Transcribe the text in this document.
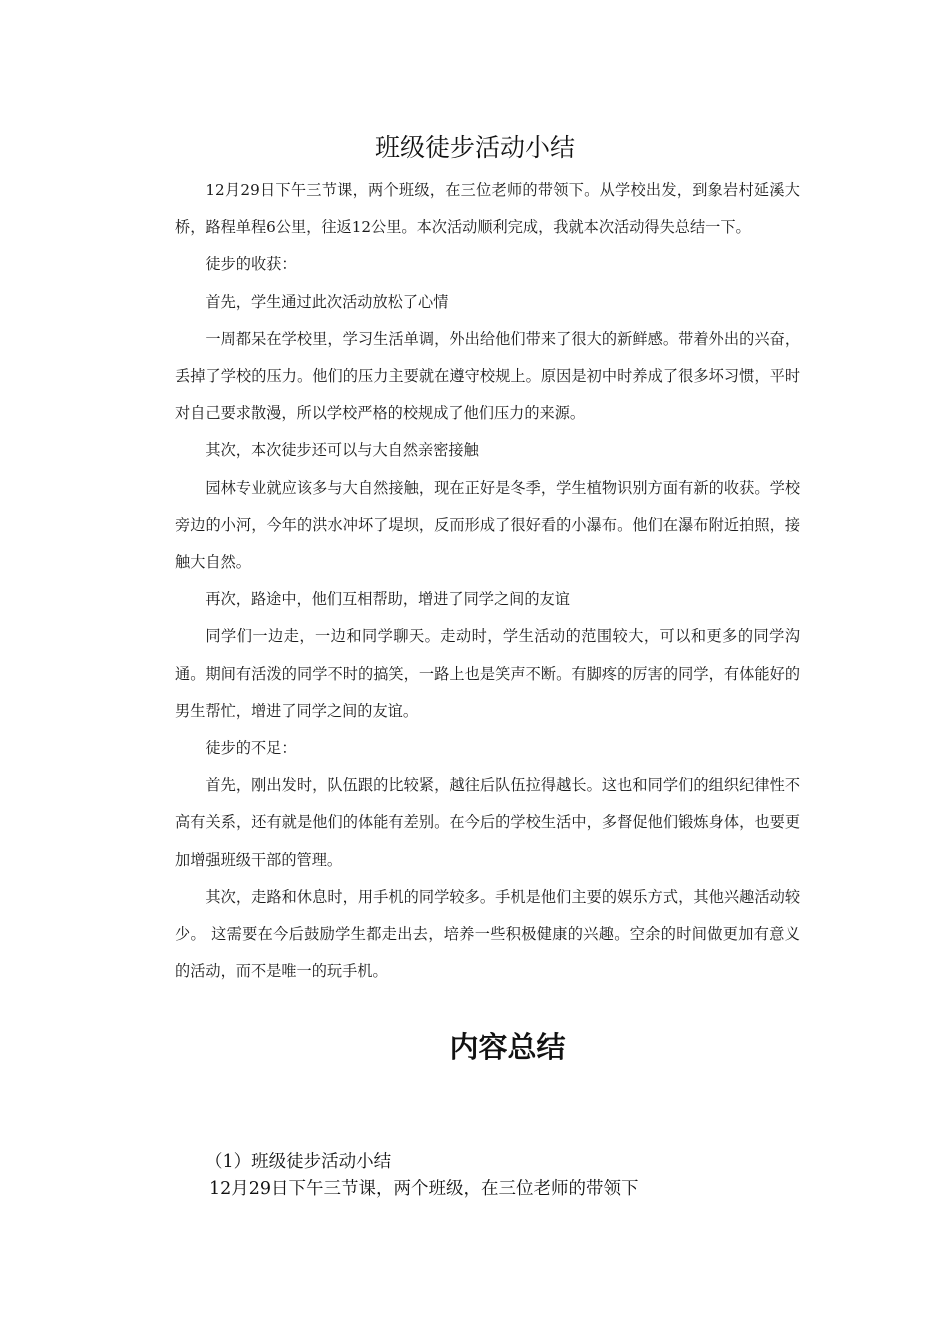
班级徒步活动小结

12月29日下午三节课，两个班级，在三位老师的带领下。从学校出发，到象岩村延溪大桥，路程单程6公里，往返12公里。本次活动顺利完成，我就本次活动得失总结一下。

徒步的收获：

首先，学生通过此次活动放松了心情

一周都呆在学校里，学习生活单调，外出给他们带来了很大的新鲜感。带着外出的兴奋，丢掉了学校的压力。他们的压力主要就在遵守校规上。原因是初中时养成了很多坏习惯，平时对自己要求散漫，所以学校严格的校规成了他们压力的来源。

其次，本次徒步还可以与大自然亲密接触

园林专业就应该多与大自然接触，现在正好是冬季，学生植物识别方面有新的收获。学校旁边的小河，今年的洪水冲坏了堤坝，反而形成了很好看的小瀑布。他们在瀑布附近拍照，接触大自然。

再次，路途中，他们互相帮助，增进了同学之间的友谊

同学们一边走，一边和同学聊天。走动时，学生活动的范围较大，可以和更多的同学沟通。期间有活泼的同学不时的搞笑，一路上也是笑声不断。有脚疼的厉害的同学，有体能好的男生帮忙，增进了同学之间的友谊。

徒步的不足：

首先，刚出发时，队伍跟的比较紧，越往后队伍拉得越长。这也和同学们的组织纪律性不高有关系，还有就是他们的体能有差别。在今后的学校生活中，多督促他们锻炼身体，也要更加增强班级干部的管理。

其次，走路和休息时，用手机的同学较多。手机是他们主要的娱乐方式，其他兴趣活动较少。 这需要在今后鼓励学生都走出去，培养一些积极健康的兴趣。空余的时间做更加有意义的活动，而不是唯一的玩手机。

内容总结
（1）班级徒步活动小结
12月29日下午三节课，两个班级，在三位老师的带领下
